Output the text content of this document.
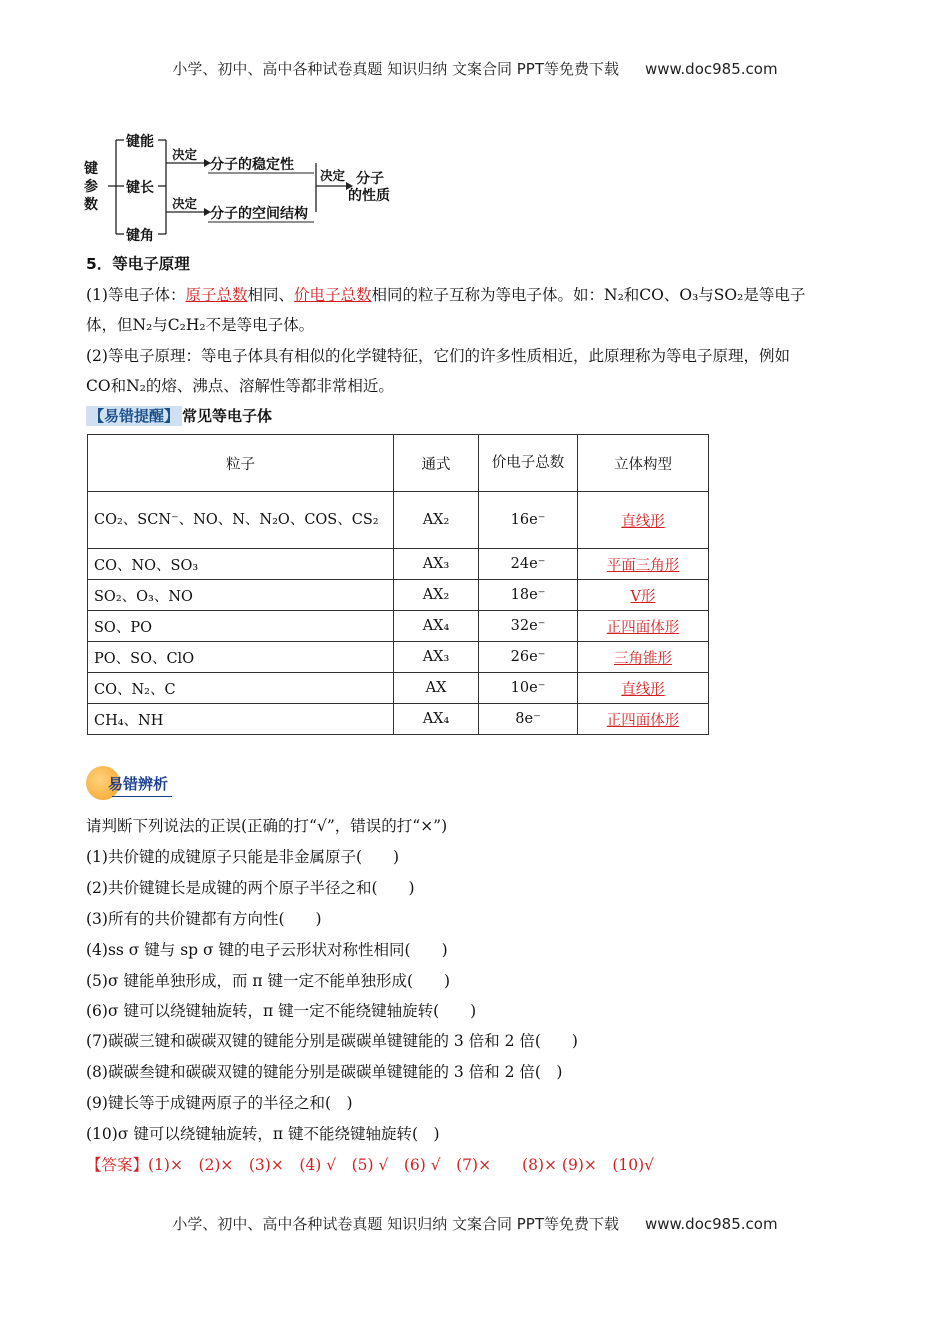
小学、初中、高中各种试卷真题 知识归纳 文案合同 PPT等免费下载 www.doc985.com
键参数
键能
键长
键角
决定
决定
分子的稳定性
分子的空间结构
决定 分子
的性质
5．等电子原理
(1)等电子体：原子总数相同、价电子总数相同的粒子互称为等电子体。如：N₂和CO、O₃与SO₂是等电子
体，但N₂与C₂H₂不是等电子体。
(2)等电子原理：等电子体具有相似的化学键特征，它们的许多性质相近，此原理称为等电子原理，例如
CO和N₂的熔、沸点、溶解性等都非常相近。
【易错提醒】 常见等电子体
粒子	通式	价电子总数	立体构型
CO₂、SCN⁻、NO、N、N₂O、COS、CS₂	AX₂	16e⁻	直线形
CO、NO、SO₃	AX₃	24e⁻	平面三角形
SO₂、O₃、NO	AX₂	18e⁻	V形
SO、PO	AX₄	32e⁻	正四面体形
PO、SO、ClO	AX₃	26e⁻	三角锥形
CO、N₂、C	AX	10e⁻	直线形
CH₄、NH	AX₄	8e⁻	正四面体形
易错辨析
请判断下列说法的正误(正确的打“√”，错误的打“×”)
(1)共价键的成键原子只能是非金属原子(　　)
(2)共价键键长是成键的两个原子半径之和(　　)
(3)所有的共价键都有方向性(　　)
(4)ss σ 键与 sp σ 键的电子云形状对称性相同(　　)
(5)σ 键能单独形成，而 π 键一定不能单独形成(　　)
(6)σ 键可以绕键轴旋转，π 键一定不能绕键轴旋转(　　)
(7)碳碳三键和碳碳双键的键能分别是碳碳单键键能的 3 倍和 2 倍(　　)
(8)碳碳叁键和碳碳双键的键能分别是碳碳单键键能的 3 倍和 2 倍(　)
(9)键长等于成键两原子的半径之和(　)
(10)σ 键可以绕键轴旋转，π 键不能绕键轴旋转(　)
【答案】(1)×　(2)×　(3)×　(4) √　(5) √　(6) √　(7)×　　(8)× (9)×　(10)√
小学、初中、高中各种试卷真题 知识归纳 文案合同 PPT等免费下载 www.doc985.com
